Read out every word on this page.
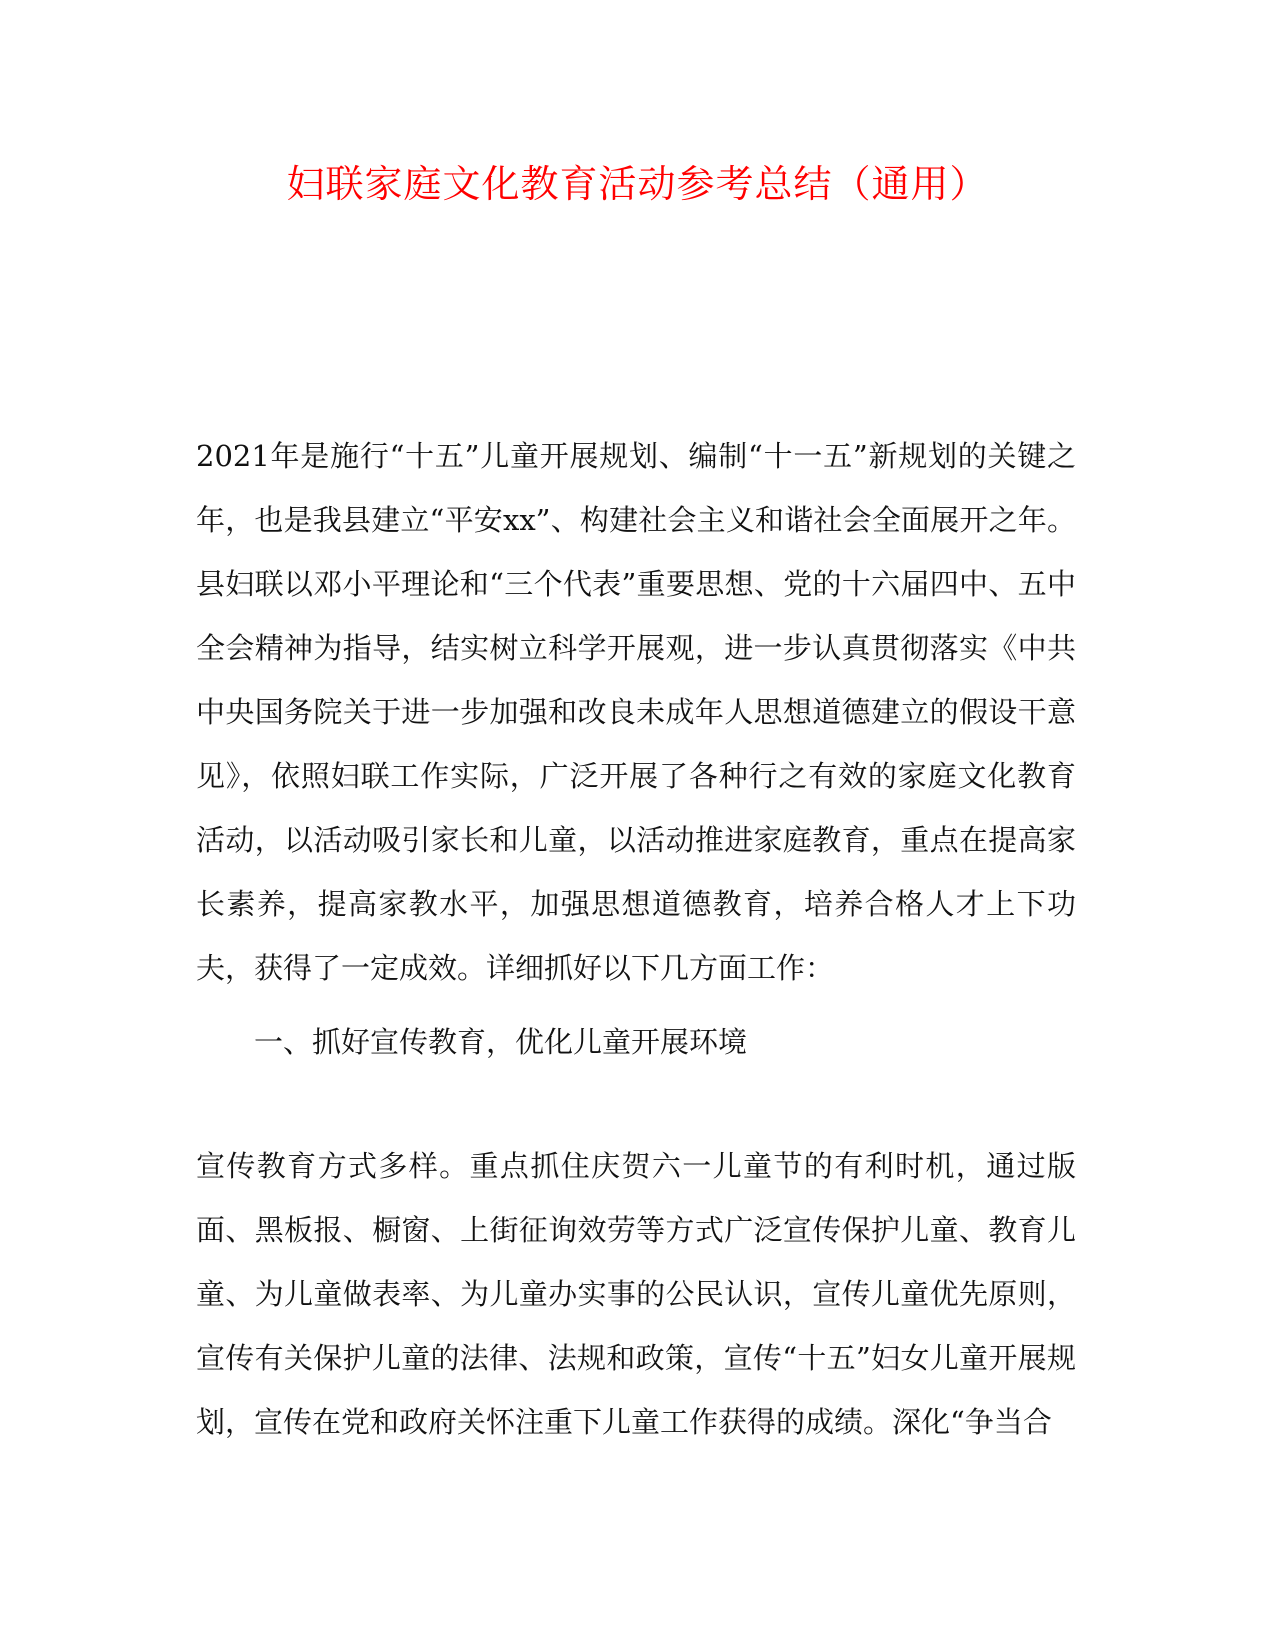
妇联家庭文化教育活动参考总结（通用）

2021年是施行“十五”儿童开展规划、编制“十一五”新规划的关键之年，也是我县建立“平安xx”、构建社会主义和谐社会全面展开之年。县妇联以邓小平理论和“三个代表”重要思想、党的十六届四中、五中全会精神为指导，结实树立科学开展观，进一步认真贯彻落实《中共中央国务院关于进一步加强和改良未成年人思想道德建立的假设干意见》，依照妇联工作实际，广泛开展了各种行之有效的家庭文化教育活动，以活动吸引家长和儿童，以活动推进家庭教育，重点在提高家长素养，提高家教水平，加强思想道德教育，培养合格人才上下功夫，获得了一定成效。详细抓好以下几方面工作：

一、抓好宣传教育，优化儿童开展环境

宣传教育方式多样。重点抓住庆贺六一儿童节的有利时机，通过版面、黑板报、橱窗、上街征询效劳等方式广泛宣传保护儿童、教育儿童、为儿童做表率、为儿童办实事的公民认识，宣传儿童优先原则，宣传有关保护儿童的法律、法规和政策，宣传“十五”妇女儿童开展规划，宣传在党和政府关怀注重下儿童工作获得的成绩。深化“争当合
